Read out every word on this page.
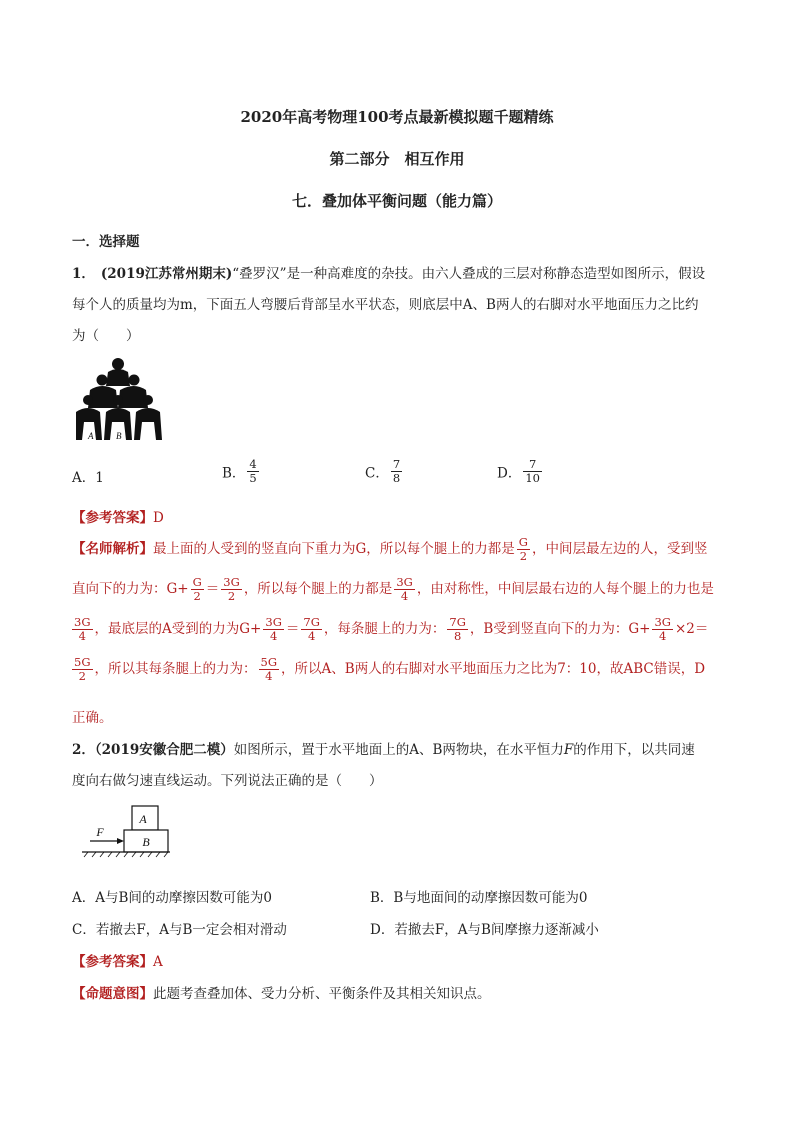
2020年高考物理100考点最新模拟题千题精练
第二部分　相互作用
七．叠加体平衡问题（能力篇）
一．选择题
1． (2019江苏常州期末)“叠罗汉”是一种高难度的杂技。由六人叠成的三层对称静态造型如图所示，假设
每个人的质量均为m，下面五人弯腰后背部呈水平状态，则底层中A、B两人的右脚对水平地面压力之比约
为（　　）
A	B
A．1	B． $\frac{4}{5}$	C． $\frac{7}{8}$	D． $\frac{7}{10}$
【参考答案】D
【名师解析】最上面的人受到的竖直向下重力为G，所以每个腿上的力都是 $\frac{G}{2}$ ，中间层最左边的人，受到竖
直向下的力为：$G+ \frac{G}{2} = \frac{3G}{2}$ ，所以每个腿上的力都是 $\frac{3G}{4}$ ，由对称性，中间层最右边的人每个腿上的力也是
$\frac{3G}{4}$ ，最底层的A受到的力为$G+ \frac{3G}{4} = \frac{7G}{4}$ ，每条腿上的力为： $\frac{7G}{8}$ ，B受到竖直向下的力为：$G+ \frac{3G}{4} \times 2=$
$\frac{5G}{2}$ ，所以其每条腿上的力为： $\frac{5G}{4}$ ，所以A、B两人的右脚对水平地面压力之比为7：10，故ABC错误，D
正确。
2．（2019安徽合肥二模）如图所示，置于水平地面上的A、B两物块，在水平恒力F的作用下，以共同速
度向右做匀速直线运动。下列说法正确的是（　　）
A
B
F
A．A与B间的动摩擦因数可能为0	B．B与地面间的动摩擦因数可能为0
C．若撤去F，A与B一定会相对滑动	D．若撤去F，A与B间摩擦力逐渐减小
【参考答案】A
【命题意图】此题考查叠加体、受力分析、平衡条件及其相关知识点。
